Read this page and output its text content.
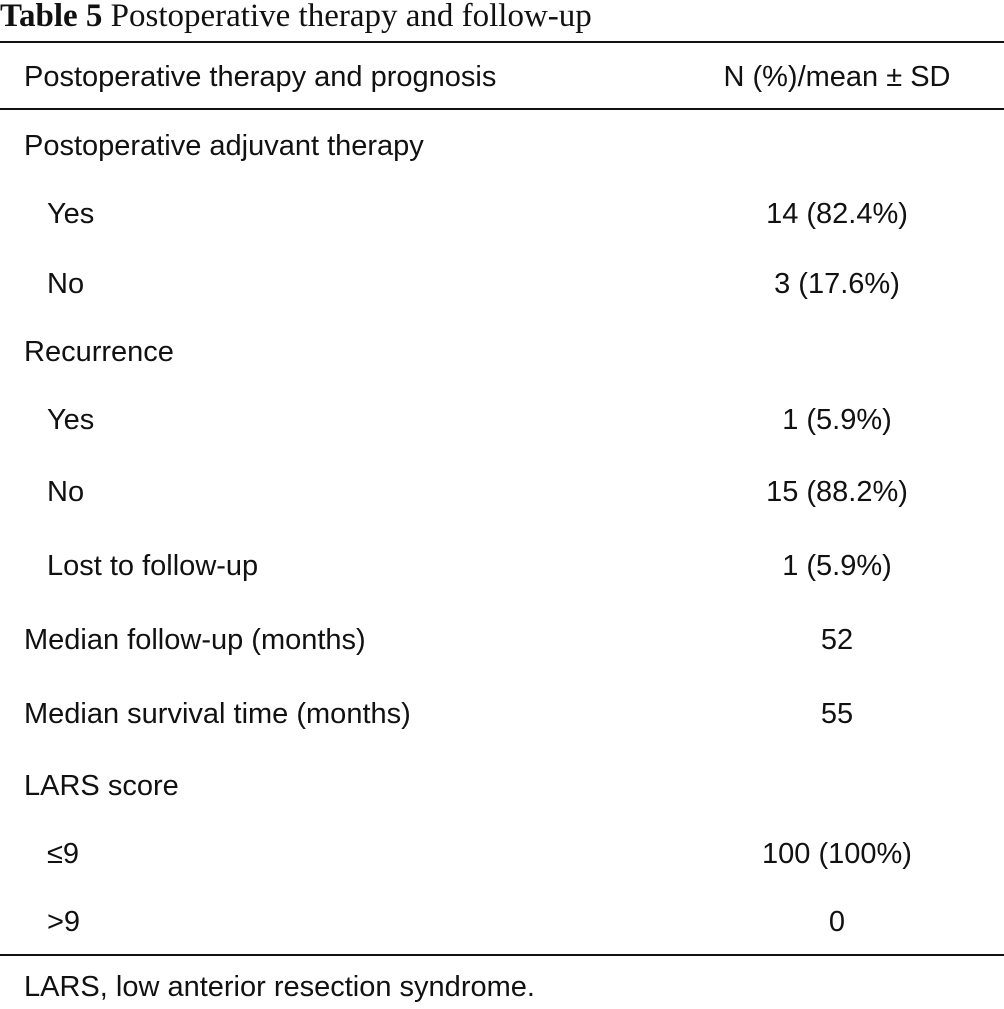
Table 5 Postoperative therapy and follow-up
Postoperative therapy and prognosis	N (%)/mean ± SD
Postoperative adjuvant therapy
Yes	14 (82.4%)
No	3 (17.6%)
Recurrence
Yes	1 (5.9%)
No	15 (88.2%)
Lost to follow-up	1 (5.9%)
Median follow-up (months)	52
Median survival time (months)	55
LARS score
≤9	100 (100%)
>9	0
LARS, low anterior resection syndrome.
